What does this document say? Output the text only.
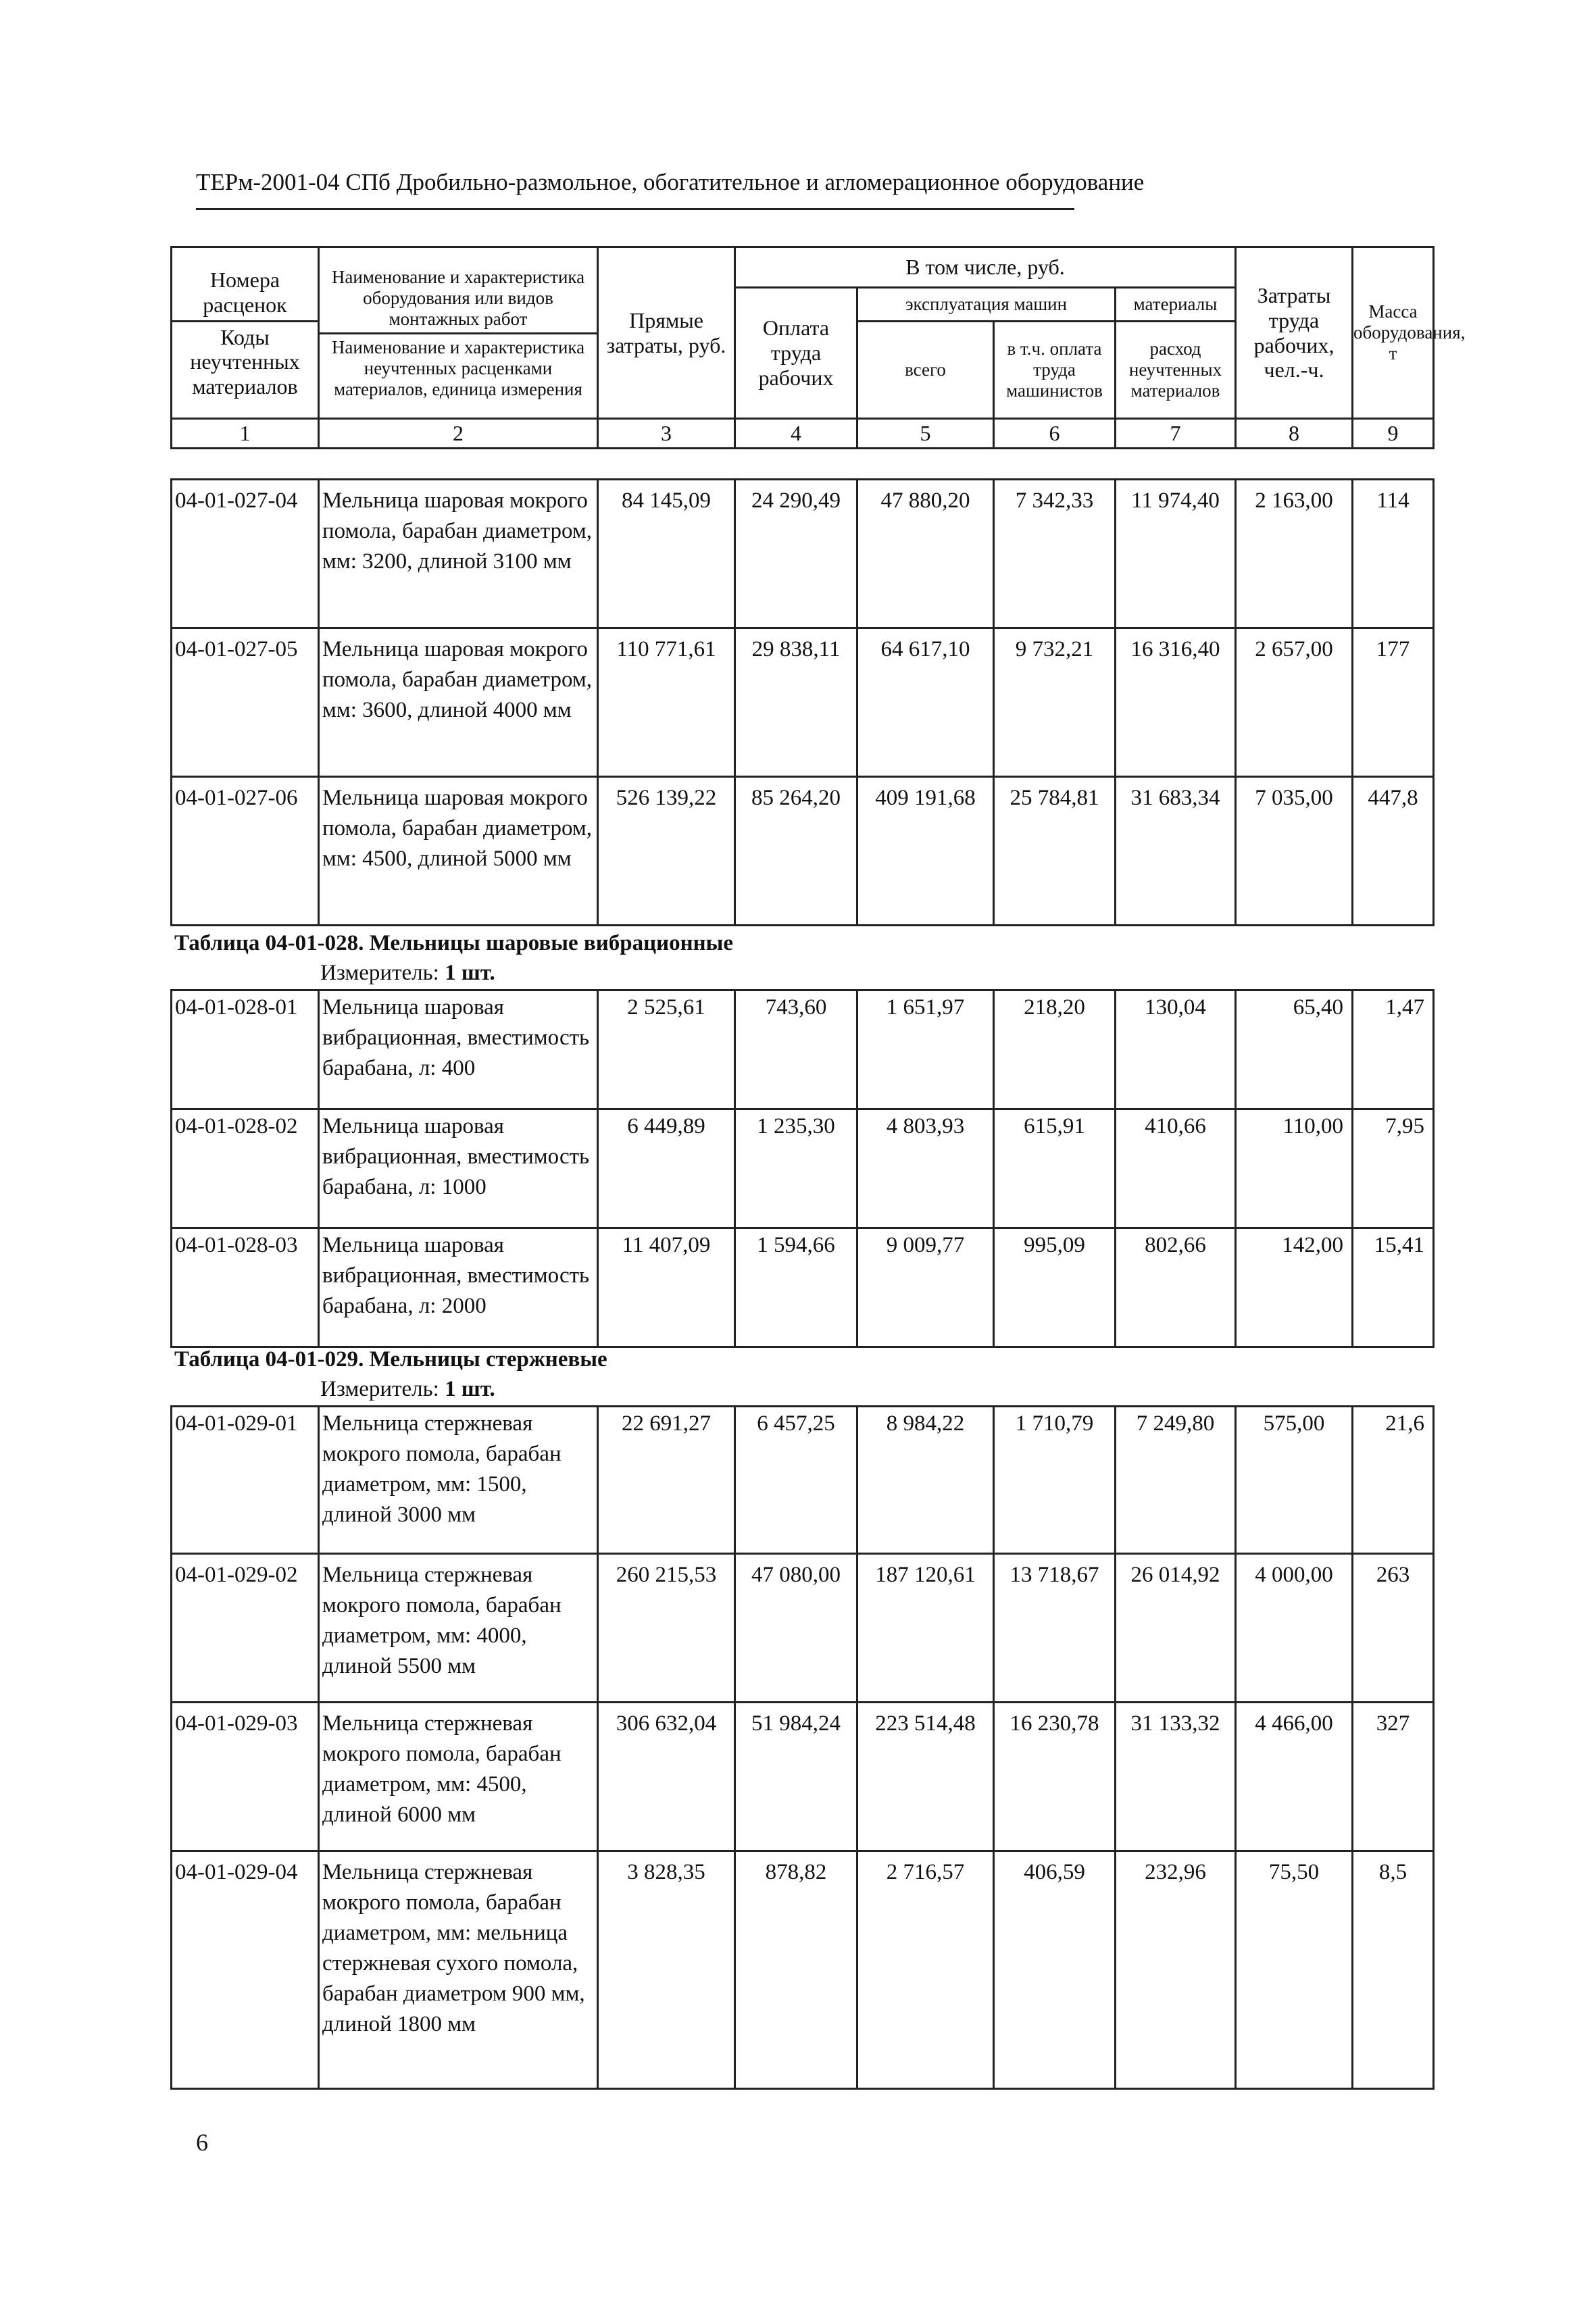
ТЕРм-2001-04 СПб Дробильно-размольное, обогатительное и агломерационное оборудование
Номера расценок
Коды неучтенных материалов	Наименование и характеристика оборудования или видов монтажных работ
Наименование и характеристика неучтенных расценками материалов, единица измерения	Прямые затраты, руб.	В том числе, руб.				Затраты труда рабочих, чел.-ч.	Масса оборудования, т
			Оплата труда рабочих	эксплуатация машин		материалы		
				всего	в т.ч. оплата труда машинистов	расход неучтенных материалов		
1	2	3	4	5	6	7	8	9
04-01-027-04	Мельница шаровая мокрого помола, барабан диаметром, мм: 3200, длиной 3100 мм	84 145,09	24 290,49	47 880,20	7 342,33	11 974,40	2 163,00	114
04-01-027-05	Мельница шаровая мокрого помола, барабан диаметром, мм: 3600, длиной 4000 мм	110 771,61	29 838,11	64 617,10	9 732,21	16 316,40	2 657,00	177
04-01-027-06	Мельница шаровая мокрого помола, барабан диаметром, мм: 4500, длиной 5000 мм	526 139,22	85 264,20	409 191,68	25 784,81	31 683,34	7 035,00	447,8
Таблица 04-01-028. Мельницы шаровые вибрационные
Измеритель: 1 шт.
04-01-028-01	Мельница шаровая вибрационная, вместимость барабана, л: 400	2 525,61	743,60	1 651,97	218,20	130,04	65,40	1,47
04-01-028-02	Мельница шаровая вибрационная, вместимость барабана, л: 1000	6 449,89	1 235,30	4 803,93	615,91	410,66	110,00	7,95
04-01-028-03	Мельница шаровая вибрационная, вместимость барабана, л: 2000	11 407,09	1 594,66	9 009,77	995,09	802,66	142,00	15,41
Таблица 04-01-029. Мельницы стержневые
Измеритель: 1 шт.
04-01-029-01	Мельница стержневая мокрого помола, барабан диаметром, мм: 1500, длиной 3000 мм	22 691,27	6 457,25	8 984,22	1 710,79	7 249,80	575,00	21,6
04-01-029-02	Мельница стержневая мокрого помола, барабан диаметром, мм: 4000, длиной 5500 мм	260 215,53	47 080,00	187 120,61	13 718,67	26 014,92	4 000,00	263
04-01-029-03	Мельница стержневая мокрого помола, барабан диаметром, мм: 4500, длиной 6000 мм	306 632,04	51 984,24	223 514,48	16 230,78	31 133,32	4 466,00	327
04-01-029-04	Мельница стержневая мокрого помола, барабан диаметром, мм: мельница стержневая сухого помола, барабан диаметром 900 мм, длиной 1800 мм	3 828,35	878,82	2 716,57	406,59	232,96	75,50	8,5
6
